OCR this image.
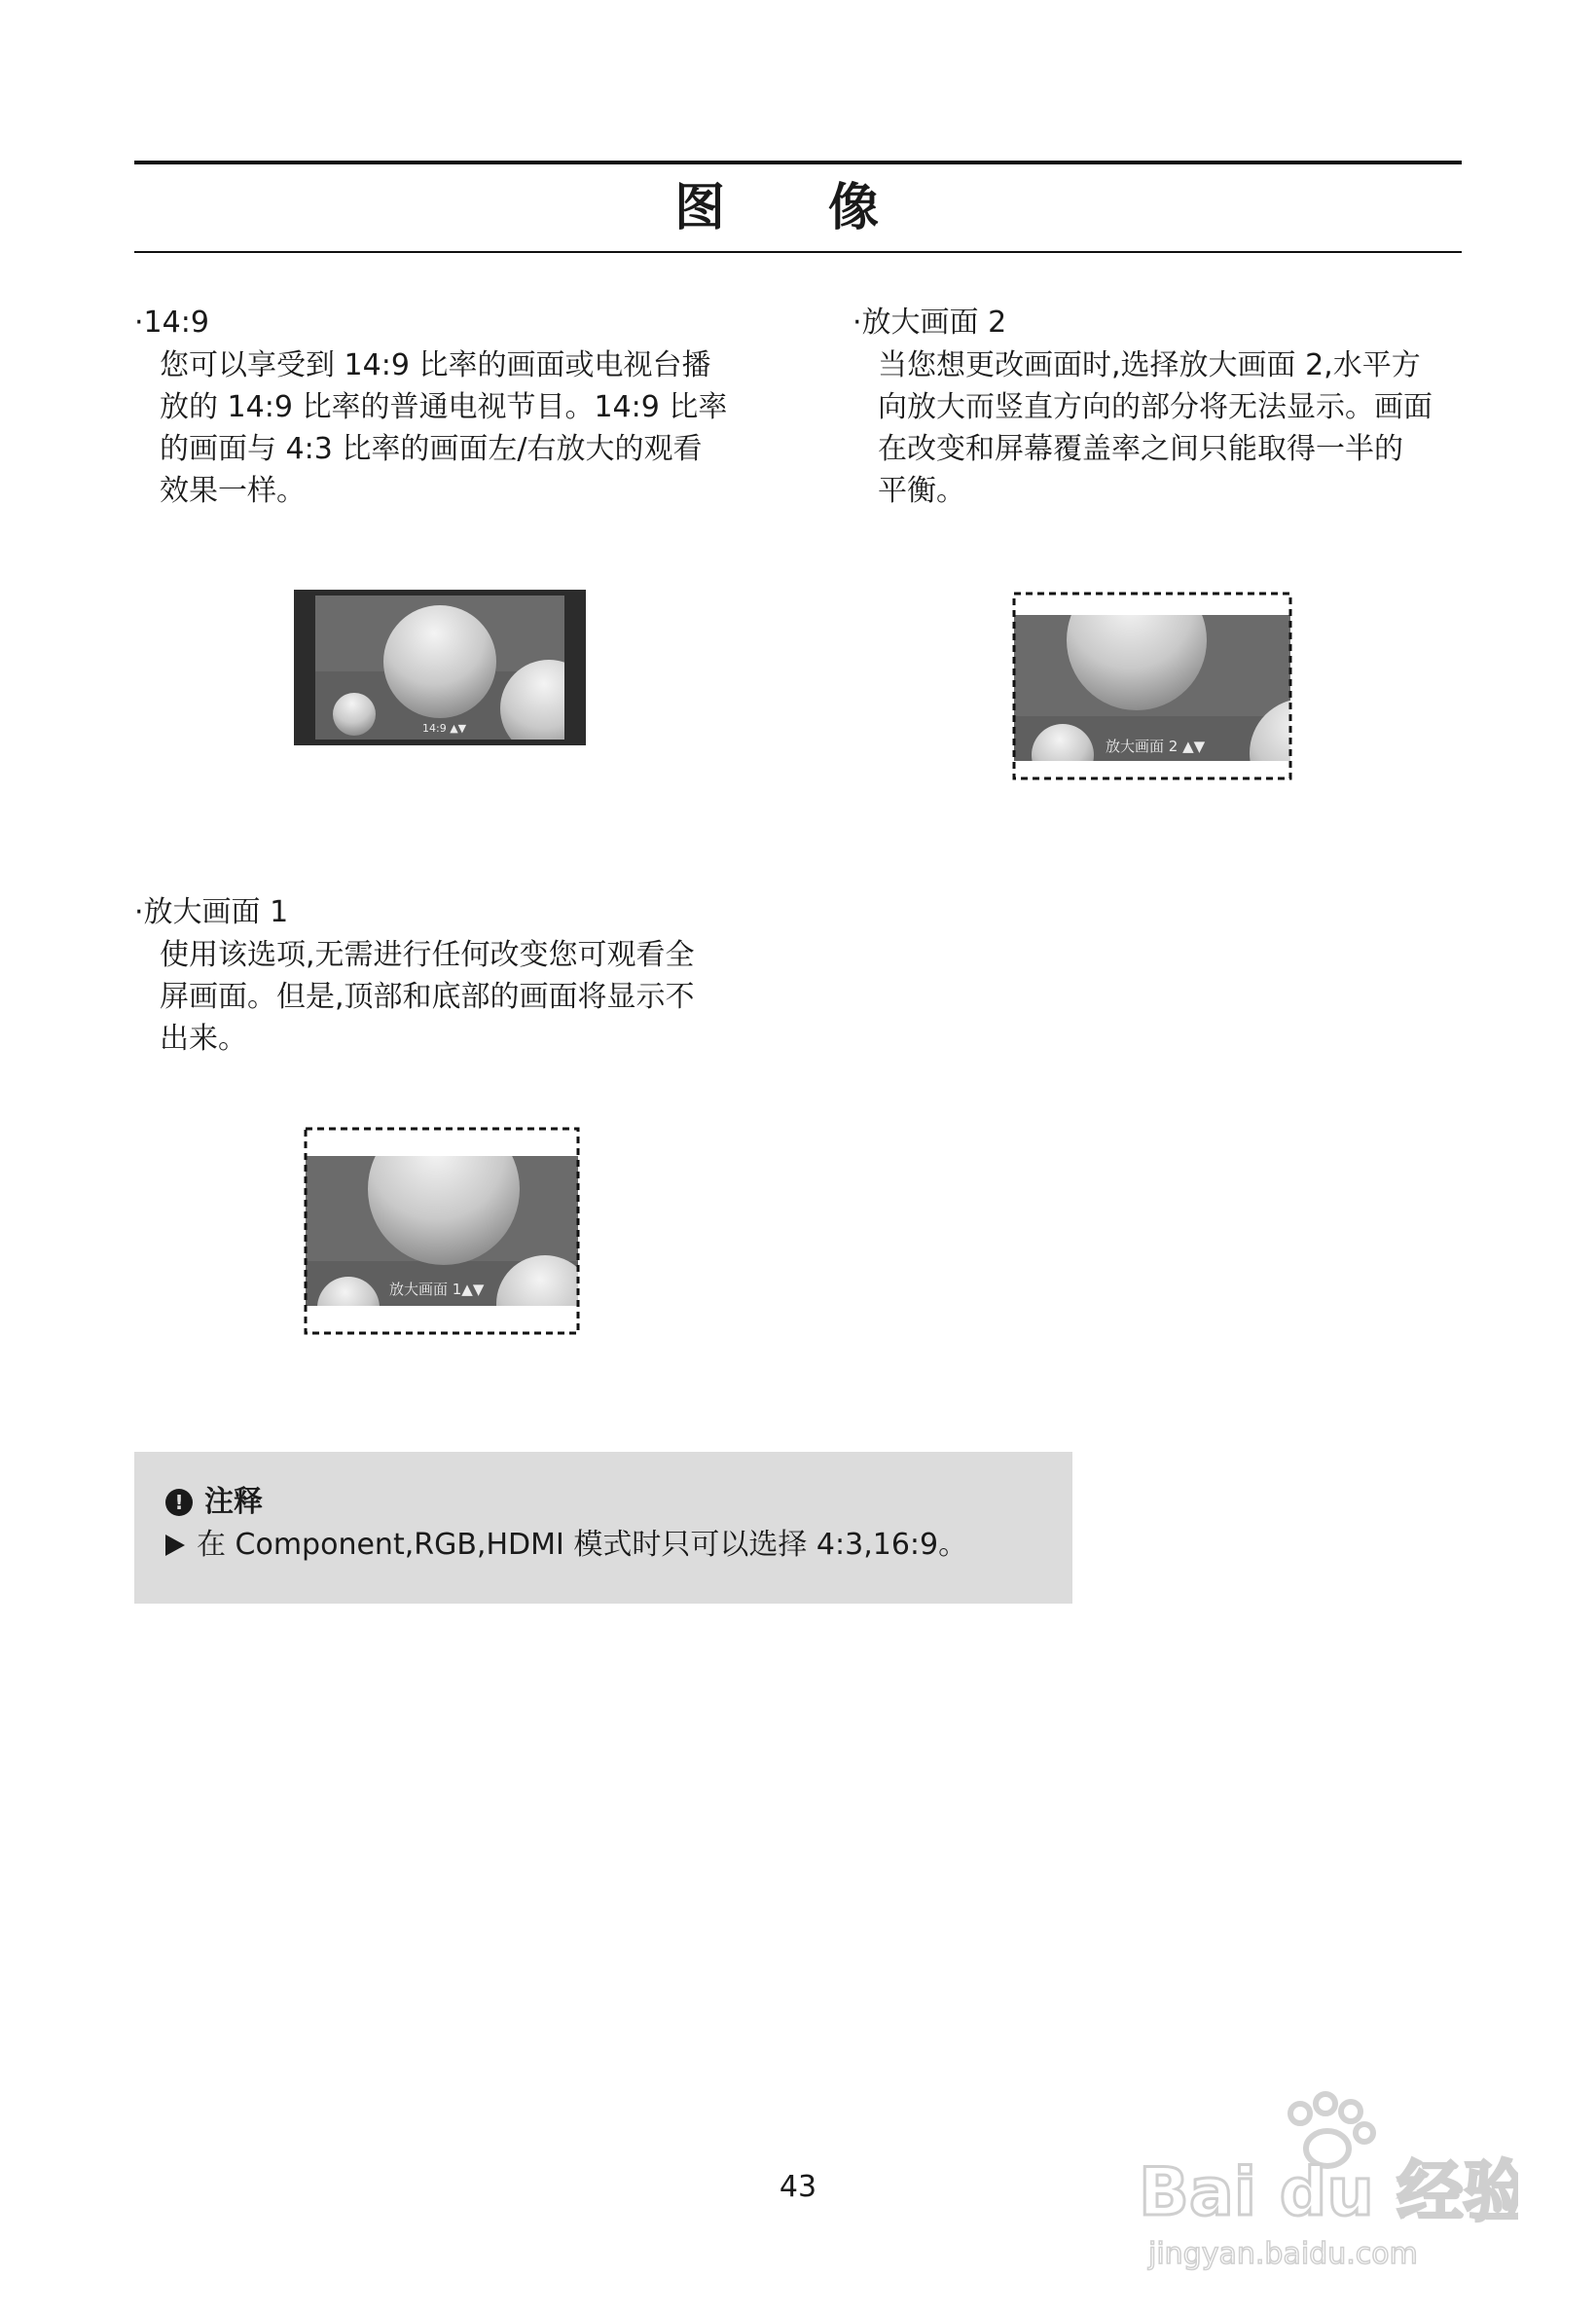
图 像
·14:9
您可以享受到 14:9 比率的画面或电视台播
放的 14:9 比率的普通电视节目。14:9 比率
的画面与 4:3 比率的画面左/右放大的观看
效果一样。
14:9 ▲▼
·放大画面 2
当您想更改画面时,选择放大画面 2,水平方
向放大而竖直方向的部分将无法显示。画面
在改变和屏幕覆盖率之间只能取得一半的
平衡。
放大画面 2 ▲▼
·放大画面 1
使用该选项,无需进行任何改变您可观看全
屏画面。但是,顶部和底部的画面将显示不
出来。
放大画面 1▲▼
! 注释
在 Component,RGB,HDMI 模式时只可以选择 4:3,16:9。
43	Bai du 经验
jingyan.baidu.com
